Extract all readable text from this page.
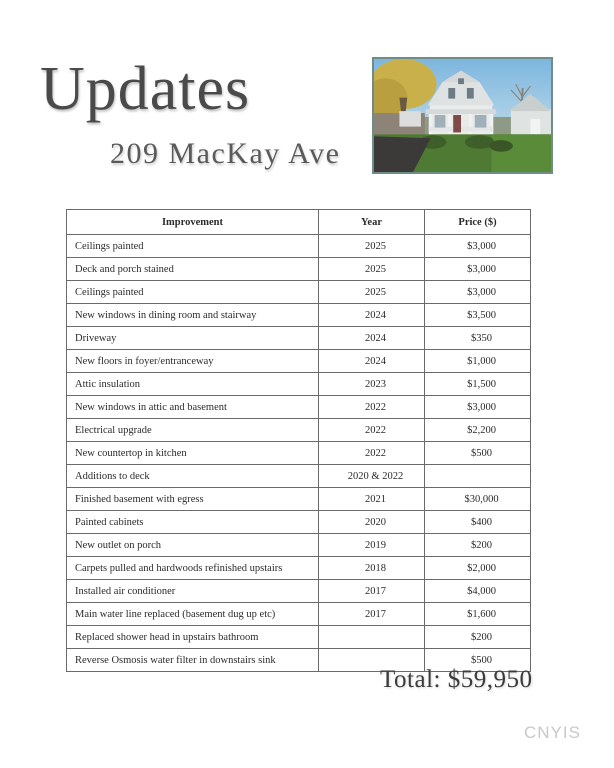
Updates
209 MacKay Ave
Improvement	Year	Price ($)
Ceilings painted	2025	$3,000
Deck and porch stained	2025	$3,000
Ceilings painted	2025	$3,000
New windows in dining room and stairway	2024	$3,500
Driveway	2024	$350
New floors in foyer/entranceway	2024	$1,000
Attic insulation	2023	$1,500
New windows in attic and basement	2022	$3,000
Electrical upgrade	2022	$2,200
New countertop in kitchen	2022	$500
Additions to deck	2020 & 2022	
Finished basement with egress	2021	$30,000
Painted cabinets	2020	$400
New outlet on porch	2019	$200
Carpets pulled and hardwoods refinished upstairs	2018	$2,000
Installed air conditioner	2017	$4,000
Main water line replaced (basement dug up etc)	2017	$1,600
Replaced shower head in upstairs bathroom		$200
Reverse Osmosis water filter in downstairs sink		$500
Total: $59,950
CNYIS
